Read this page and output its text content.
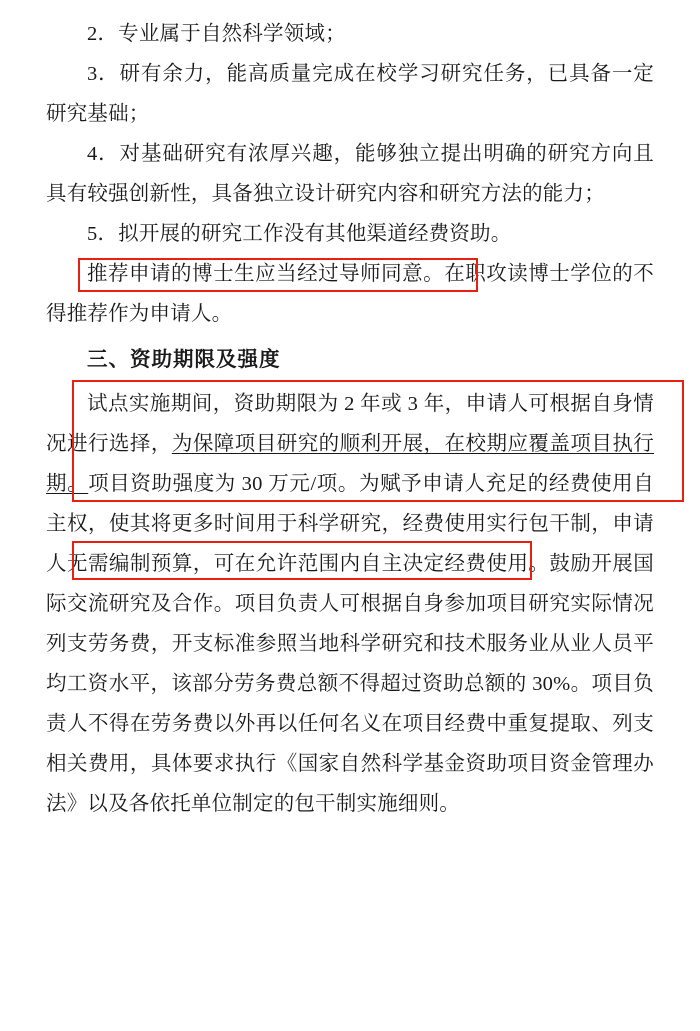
2．专业属于自然科学领域；

3．研有余力，能高质量完成在校学习研究任务，已具备一定研究基础；

4．对基础研究有浓厚兴趣，能够独立提出明确的研究方向且具有较强创新性，具备独立设计研究内容和研究方法的能力；

5．拟开展的研究工作没有其他渠道经费资助。

推荐申请的博士生应当经过导师同意。在职攻读博士学位的不得推荐作为申请人。

三、资助期限及强度

试点实施期间，资助期限为 2 年或 3 年，申请人可根据自身情况进行选择，为保障项目研究的顺利开展，在校期应覆盖项目执行期。项目资助强度为 30 万元/项。为赋予申请人充足的经费使用自主权，使其将更多时间用于科学研究，经费使用实行包干制，申请人无需编制预算，可在允许范围内自主决定经费使用。鼓励开展国际交流研究及合作。项目负责人可根据自身参加项目研究实际情况列支劳务费，开支标准参照当地科学研究和技术服务业从业人员平均工资水平，该部分劳务费总额不得超过资助总额的 30%。项目负责人不得在劳务费以外再以任何名义在项目经费中重复提取、列支相关费用，具体要求执行《国家自然科学基金资助项目资金管理办法》以及各依托单位制定的包干制实施细则。
